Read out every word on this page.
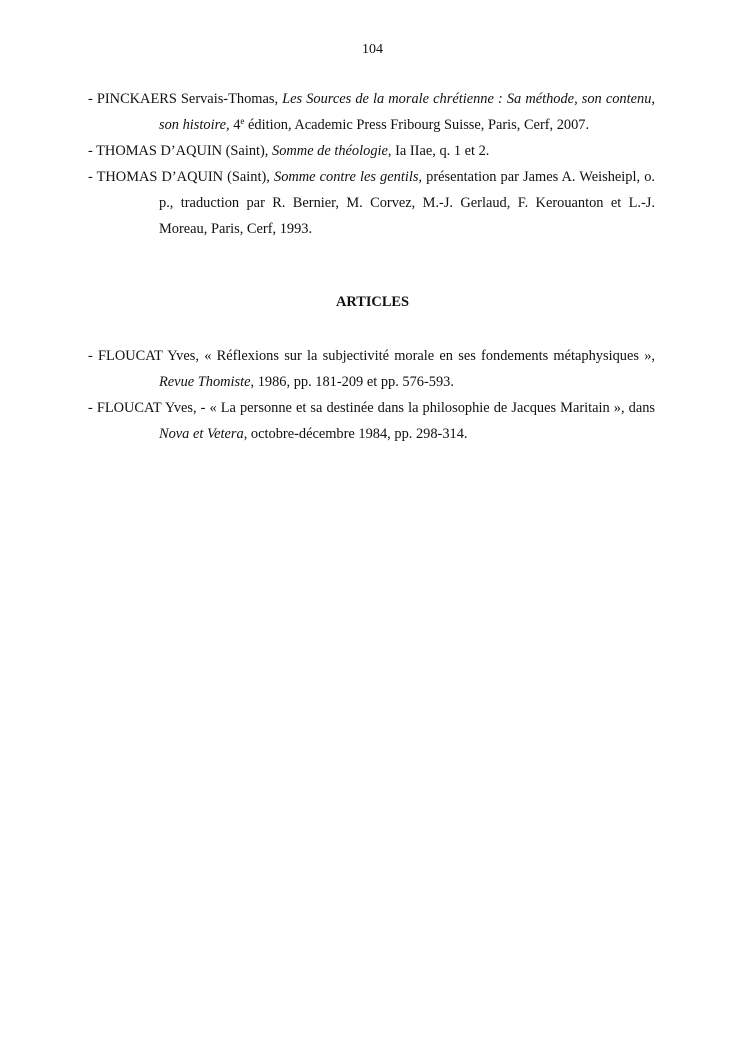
104

- PINCKAERS Servais-Thomas, Les Sources de la morale chrétienne : Sa méthode, son contenu, son histoire, 4e édition, Academic Press Fribourg Suisse, Paris, Cerf, 2007.

- THOMAS D’AQUIN (Saint), Somme de théologie, Ia IIae, q. 1 et 2.

- THOMAS D’AQUIN (Saint), Somme contre les gentils, présentation par James A. Weisheipl, o. p., traduction par R. Bernier, M. Corvez, M.-J. Gerlaud, F. Kerouanton et L.-J. Moreau, Paris, Cerf, 1993.

ARTICLES

- FLOUCAT Yves, « Réflexions sur la subjectivité morale en ses fondements métaphysiques », Revue Thomiste, 1986, pp. 181-209 et pp. 576-593.

- FLOUCAT Yves, - « La personne et sa destinée dans la philosophie de Jacques Maritain », dans Nova et Vetera, octobre-décembre 1984, pp. 298-314.
